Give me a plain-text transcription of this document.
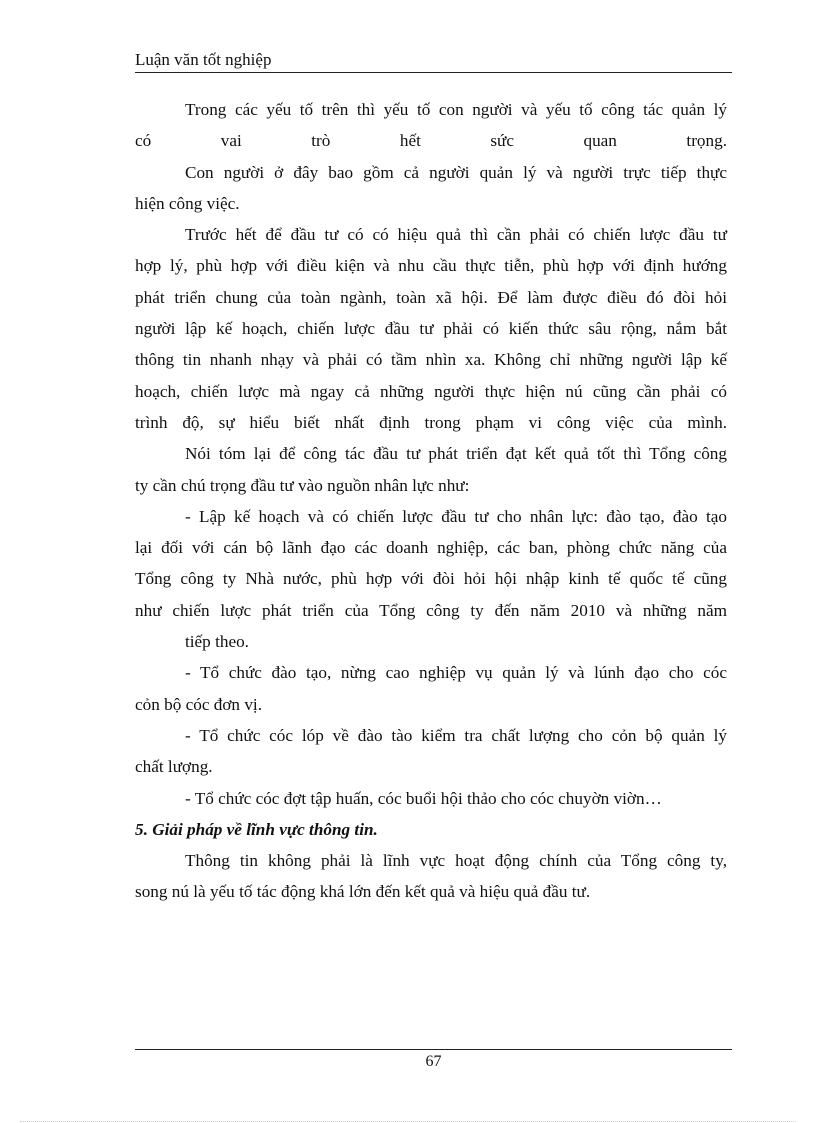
Luận văn tốt nghiệp
Trong các yếu tố trên thì yếu tố con người và yếu tố công tác quản lý
có vai trò hết sức quan trọng.
Con người ở đây bao gồm cả người quản lý và người trực tiếp thực
hiện công việc.
Trước hết để đầu tư có có hiệu quả thì cần phải có chiến lược đầu tư
hợp lý, phù hợp với điều kiện và nhu cầu thực tiễn, phù hợp với định hướng
phát triển chung của toàn ngành, toàn xã hội. Để làm được điều đó đòi hỏi
người lập kế hoạch, chiến lược đầu tư phải có kiến thức sâu rộng, nắm bắt
thông tin nhanh nhạy và phải có tầm nhìn xa. Không chỉ những người lập kế
hoạch, chiến lược mà ngay cả những người thực hiện nú cũng cần phải có
trình độ, sự hiểu biết nhất định trong phạm vi công việc của mình.
Nói tóm lại để công tác đầu tư phát triển đạt kết quả tốt thì Tổng công
ty cần chú trọng đầu tư vào nguồn nhân lực như:
- Lập kế hoạch và có chiến lược đầu tư cho nhân lực: đào tạo, đào tạo
lại đối với cán bộ lãnh đạo các doanh nghiệp, các ban, phòng chức năng của
Tổng công ty Nhà nước, phù hợp với đòi hỏi hội nhập kinh tế quốc tế cũng
như chiến lược phát triển của Tổng công ty đến năm 2010 và những năm
tiếp theo.
- Tổ chức đào tạo, nừng cao nghiệp vụ quản lý và lúnh đạo cho cóc
cỏn bộ cóc đơn vị.
- Tổ chức cóc lóp về đào tào kiểm tra chất lượng cho cỏn bộ quản lý
chất lượng.
- Tổ chức cóc đợt tập huấn, cóc buổi hội thảo cho cóc chuyờn viờn…
5. Giải pháp về lĩnh vực thông tin.
Thông tin không phải là lĩnh vực hoạt động chính của Tổng công ty,
song nú là yếu tố tác động khá lớn đến kết quả và hiệu quả đầu tư.
67
